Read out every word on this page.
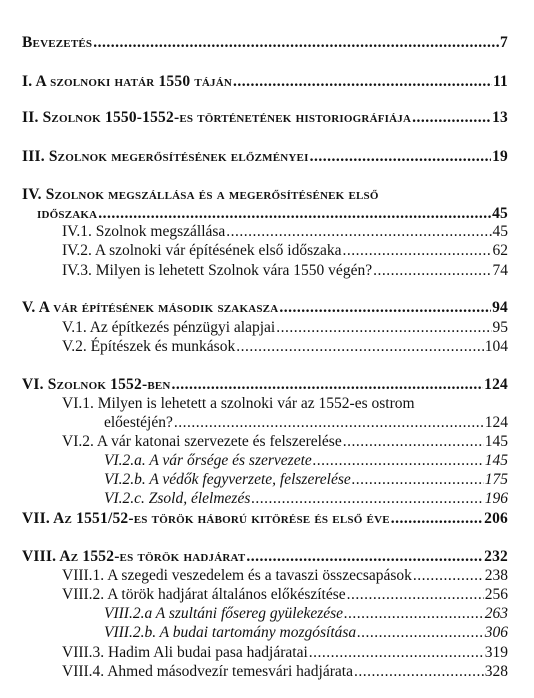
Bevezetés .....	7
I. A szolnoki határ 1550 táján .....	11
II. Szolnok 1550-1552-es történetének historiográfiája .....	13
III. Szolnok megerősítésének előzményei .....	19
IV. Szolnok megszállása és a megerősítésének első
időszaka .....	45
IV.1. Szolnok megszállása .....	45
IV.2. A szolnoki vár építésének első időszaka .....	62
IV.3. Milyen is lehetett Szolnok vára 1550 végén? .....	74
V. A vár építésének második szakasza .....	94
V.1. Az építkezés pénzügyi alapjai .....	95
V.2. Építészek és munkások .....	104
VI. Szolnok 1552-ben .....	124
VI.1. Milyen is lehetett a szolnoki vár az 1552-es ostrom
előestéjén? .....	124
VI.2. A vár katonai szervezete és felszerelése .....	145
VI.2.a. A vár őrsége és szervezete .....	145
VI.2.b. A védők fegyverzete, felszerelése .....	175
VI.2.c. Zsold, élelmezés .....	196
VII. Az 1551/52-es török háború kitörése és első éve .....	206
VIII. Az 1552-es török hadjárat .....	232
VIII.1. A szegedi veszedelem és a tavaszi összecsapások .....	238
VIII.2. A török hadjárat általános előkészítése .....	256
VIII.2.a A szultáni fősereg gyülekezése .....	263
VIII.2.b. A budai tartomány mozgósítása .....	306
VIII.3. Hadim Ali budai pasa hadjáratai .....	319
VIII.4. Ahmed másodvezír temesvári hadjárata .....	328
